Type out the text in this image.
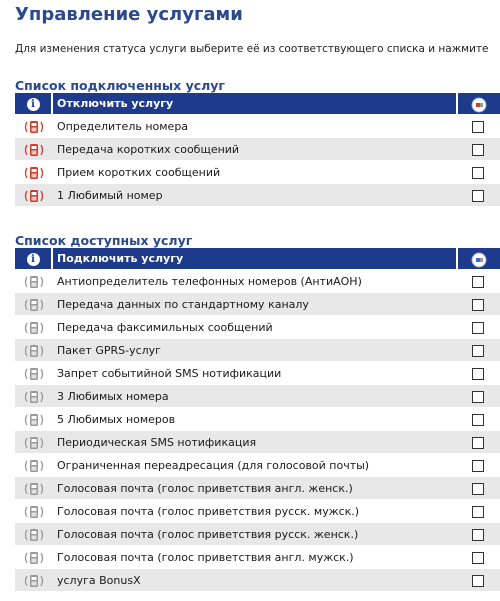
Управление услугами
Для изменения статуса услуги выберите её из соответствующего списка и нажмите
Список подключенных услуг
i	Отключить услугу	
	Определитель номера	
	Передача коротких сообщений	
	Прием коротких сообщений	
	1 Любимый номер	
Список доступных услуг
i	Подключить услугу	
	Антиопределитель телефонных номеров (АнтиАОН)	
	Передача данных по стандартному каналу	
	Передача факсимильных сообщений	
	Пакет GPRS-услуг	
	Запрет событийной SMS нотификации	
	3 Любимых номера	
	5 Любимых номеров	
	Периодическая SMS нотификация	
	Ограниченная переадресация (для голосовой почты)	
	Голосовая почта (голос приветствия англ. женск.)	
	Голосовая почта (голос приветствия русск. мужск.)	
	Голосовая почта (голос приветствия русск. женск.)	
	Голосовая почта (голос приветствия англ. мужск.)	
	услуга BonusX	
